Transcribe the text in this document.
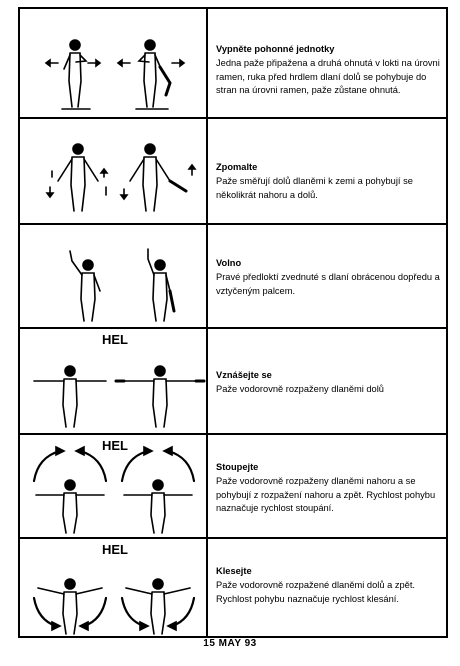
Vypněte pohonné jednotky
Jedna paže připažena a druhá ohnutá v lokti na úrovni ramen, ruka před hrdlem dlaní dolů se pohybuje do stran na úrovni ramen, paže zůstane ohnutá.
Zpomalte
Paže směřují dolů dlaněmi k zemi a pohybují se několikrát nahoru a dolů.
Volno
Pravé předloktí zvednuté s dlaní obrácenou dopředu a vztyčeným palcem.
HEL
Vznášejte se
Paže vodorovně rozpaženy dlaněmi dolů
HEL
Stoupejte
Paže vodorovně rozpaženy dlaněmi nahoru a se pohybují z rozpažení nahoru a zpět. Rychlost pohybu naznačuje rychlost stoupání.
HEL
Klesejte
Paže vodorovně rozpažené dlaněmi dolů a zpět. Rychlost pohybu naznačuje rychlost klesání.
15 MAY 93
